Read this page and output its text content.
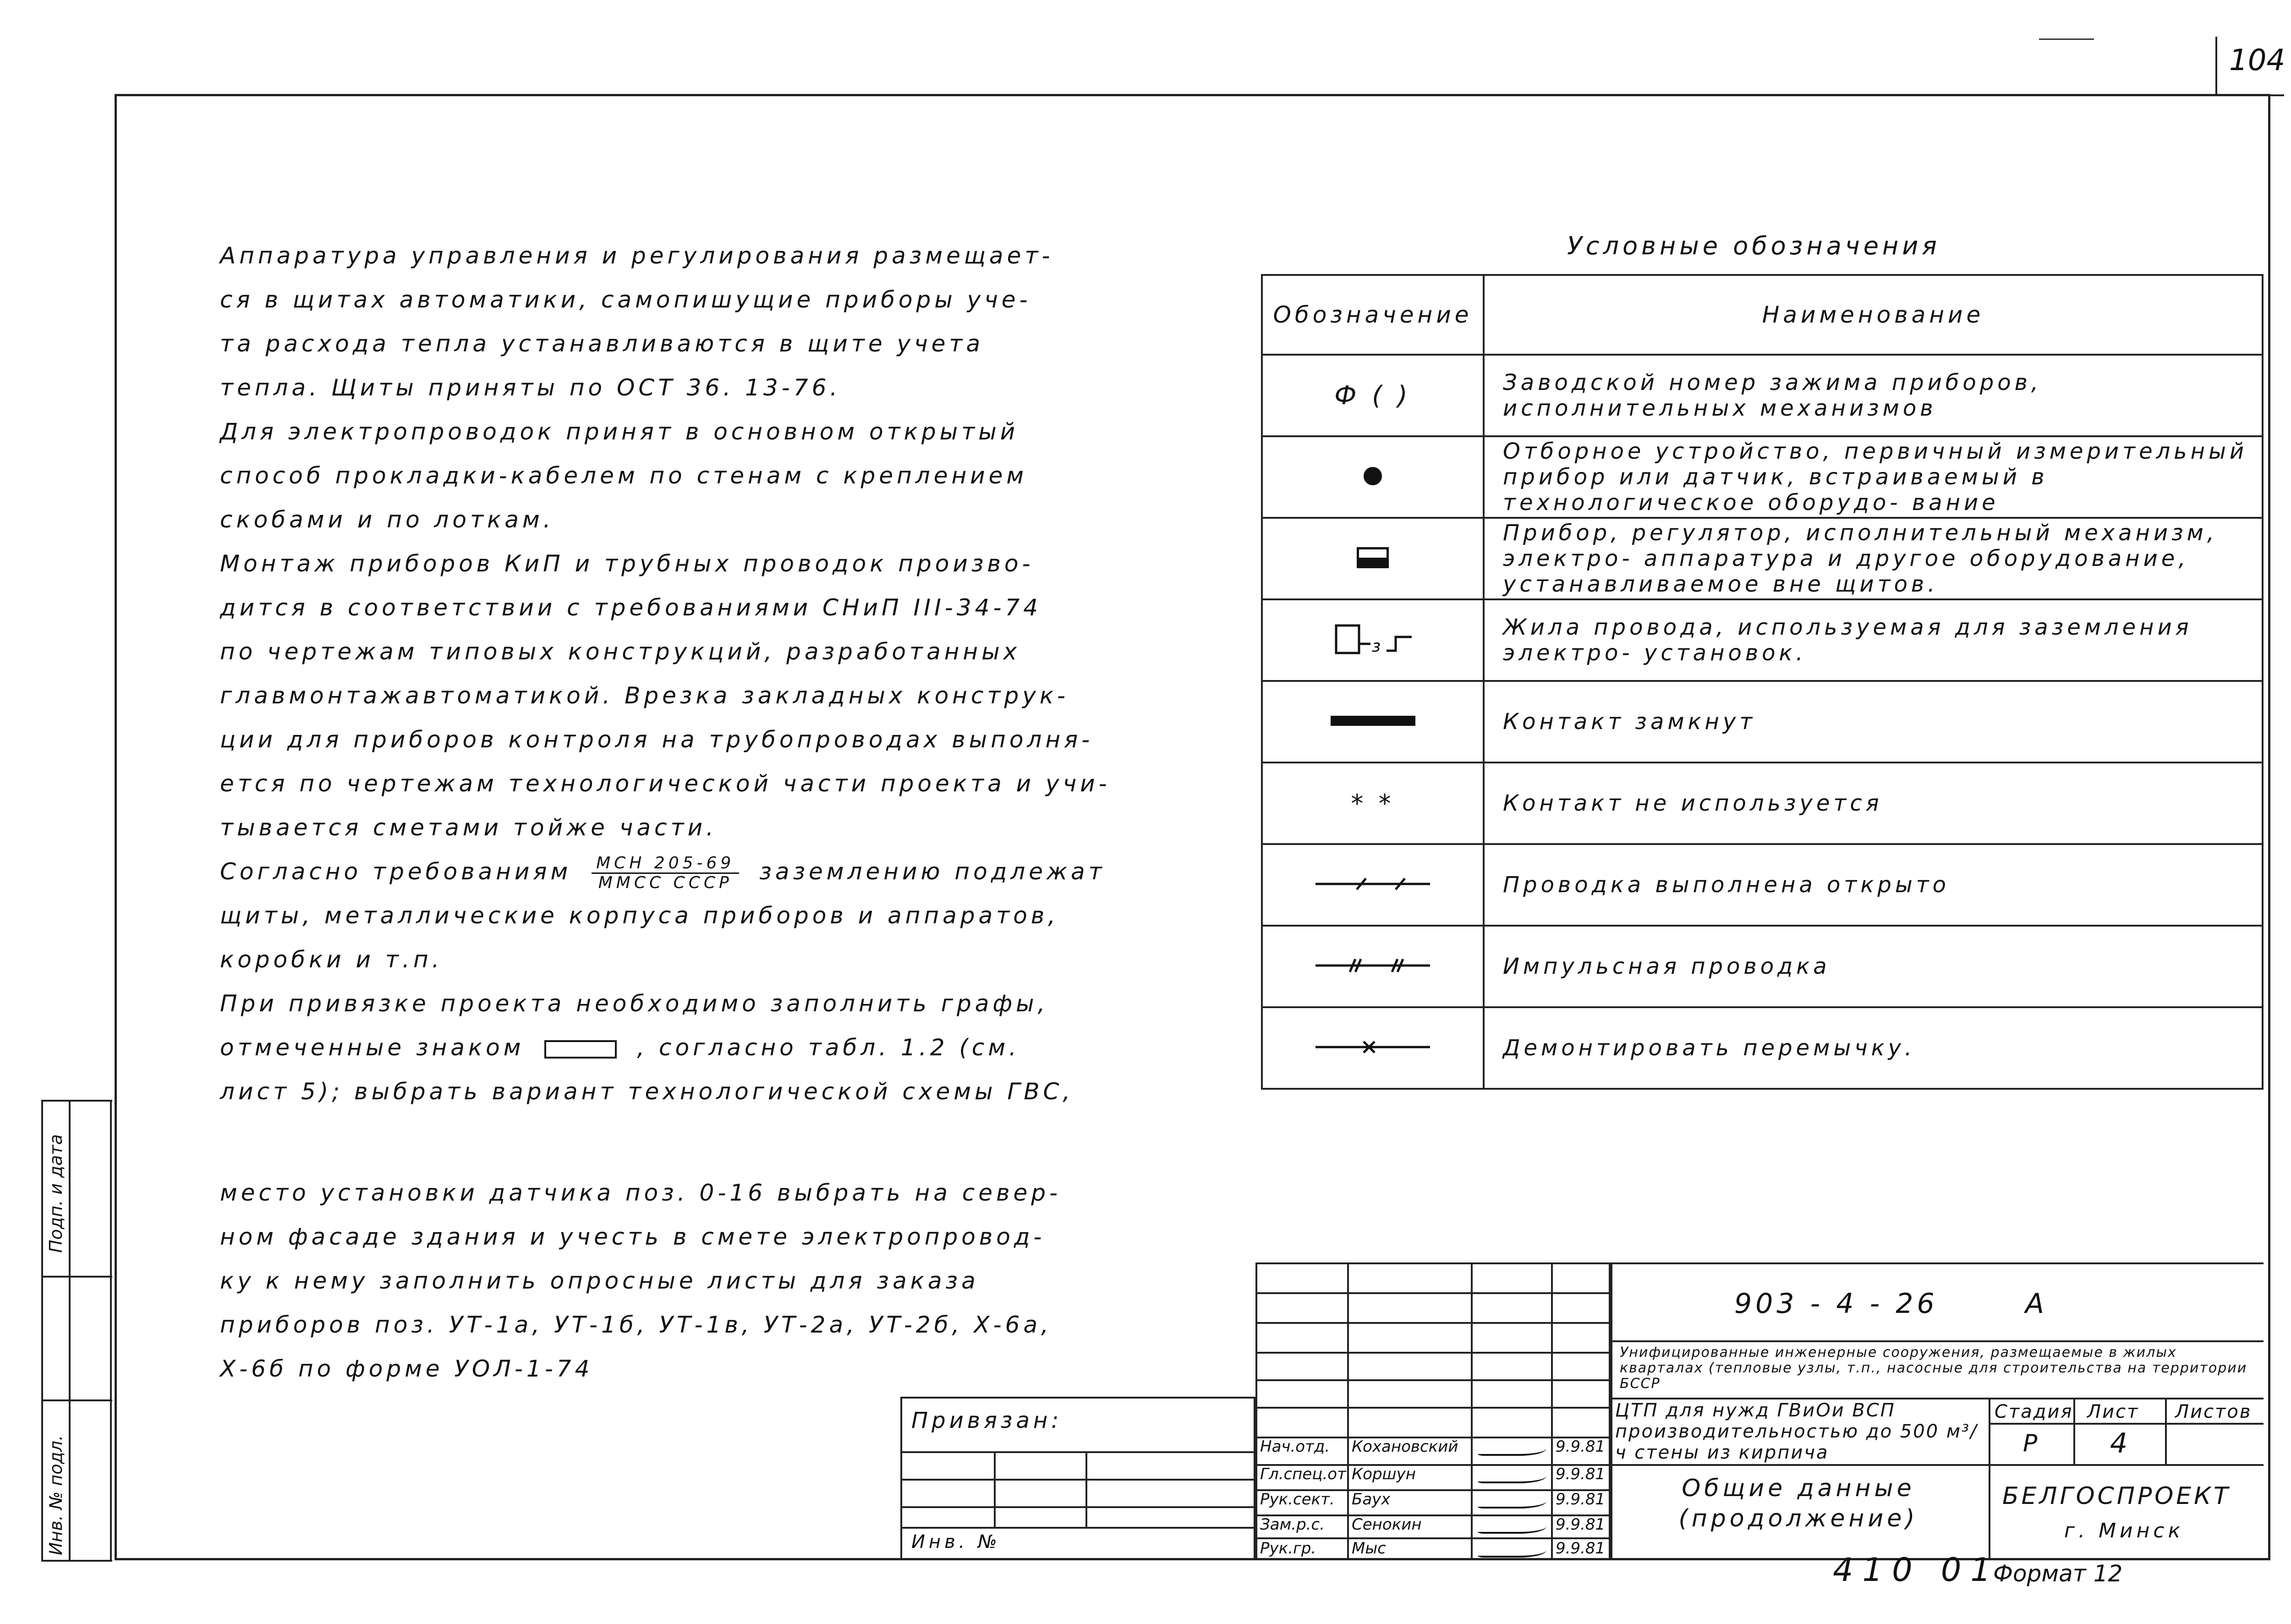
104
Аппаратура управления и регулирования размещает-
ся в щитах автоматики, самопишущие приборы уче-
та расхода тепла устанавливаются в щите учета
тепла. Щиты приняты по ОСТ 36. 13-76.
Для электропроводок принят в основном открытый
способ прокладки-кабелем по стенам с креплением
скобами и по лоткам.
Монтаж приборов КиП и трубных проводок произво-
дится в соответствии с требованиями СНиП III-34-74
по чертежам типовых конструкций, разработанных
главмонтажавтоматикой. Врезка закладных конструк-
ции для приборов контроля на трубопроводах выполня-
ется по чертежам технологической части проекта и учи-
тывается сметами тойже части.
Согласно требованиям $\frac{\text{МСН 205-69}}{\text{ММСС СССР}}$ заземлению подлежат
щиты, металлические корпуса приборов и аппаратов,
коробки и т.п.
При привязке проекта необходимо заполнить графы,
отмеченные знаком	, согласно табл. 1.2 (см.
лист 5); выбрать вариант технологической схемы ГВС,
место установки датчика поз. 0-16 выбрать на север-
ном фасаде здания и учесть в смете электропровод-
ку к нему заполнить опросные листы для заказа
приборов поз. УТ-1а, УТ-1б, УТ-1в, УТ-2а, УТ-2б, Х-6а,
Х-6б по форме УОЛ-1-74
Условные обозначения
Обозначение	Наименование
Ф ( )	Заводской номер зажима приборов, исполнительных механизмов
	Отборное устройство, первичный измерительный прибор или датчик, встраиваемый в технологическое оборудо- вание
	Прибор, регулятор, исполнительный механизм, электро- аппаратура и другое оборудование, устанавливаемое вне щитов.

з	Жила провода, используемая для заземления электро- установок.
	Контакт замкнут
* *	Контакт не используется
	Проводка выполнена открыто
	Импульсная проводка
	Демонтировать перемычку.
Подп. и дата
Инв. № подл.
Привязан:
Инв. №
Нач.отд. Кохановский	9.9.81
Гл.спец.от. Коршун	9.9.81
Рук.сект. Баух	9.9.81
Зам.р.с. Сенокин	9.9.81
Рук.гр. Мыс	9.9.81
903 - 4 - 26	А
Унифицированные инженерные сооружения, размещаемые в жилых кварталах (тепловые узлы, т.п., насосные для строительства на территории БССР
ЦТП для нужд ГВиОи ВСП производительностью до 500 м³/ч стены из кирпича
Стадия Лист Листов
Р	4
Общие данные (продолжение)
БЕЛГОСПРОЕКТ
г. Минск
410 01
Формат 12
